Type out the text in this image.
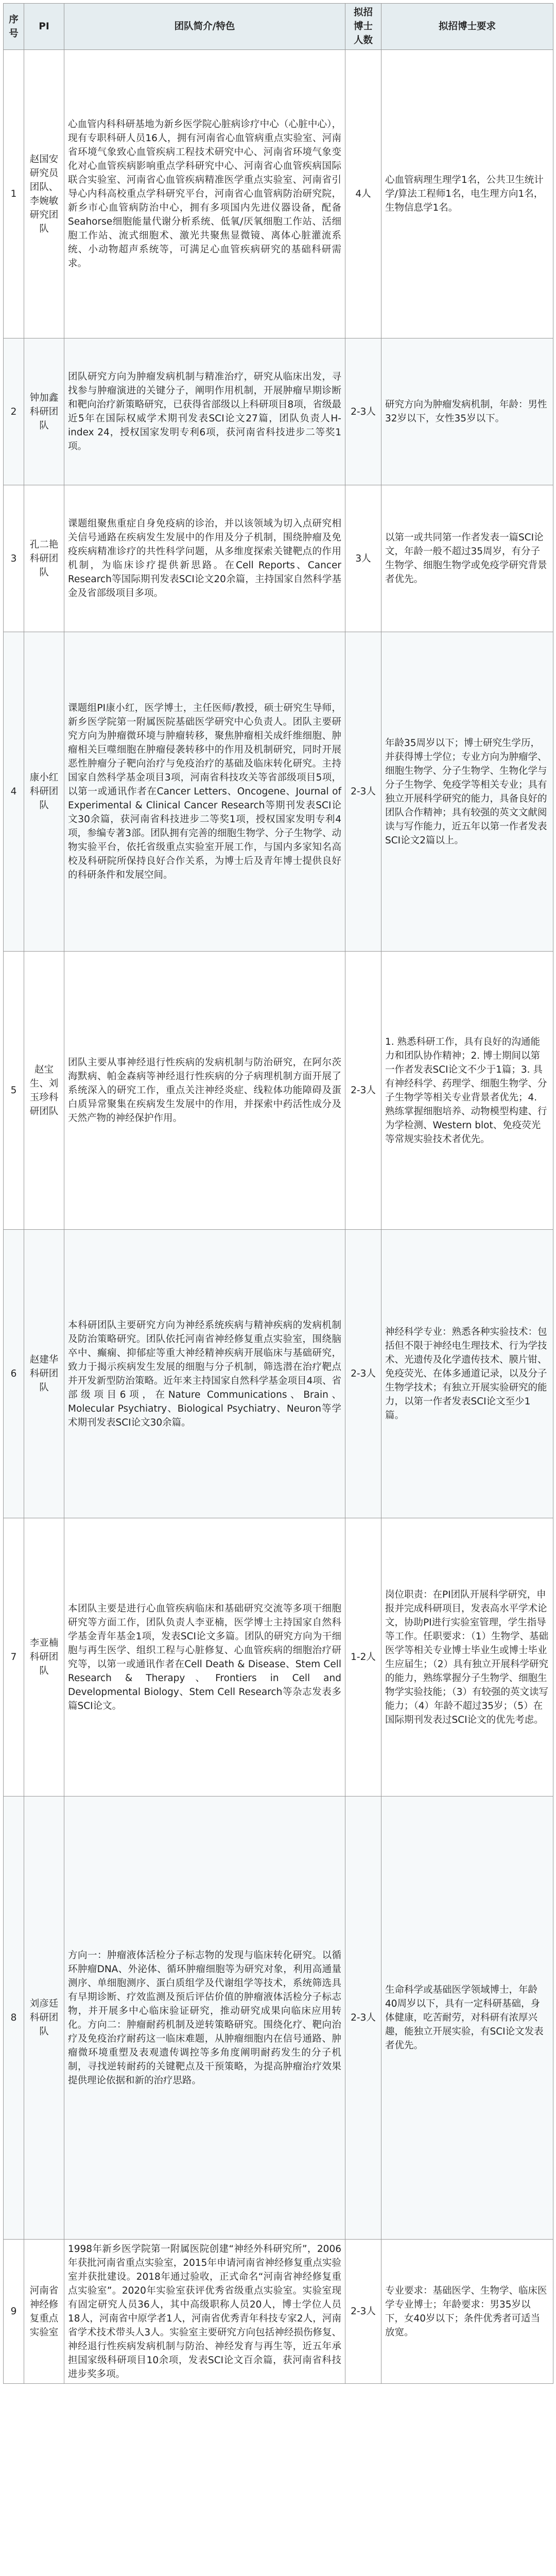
序号	PI	团队简介/特色	拟招博士人数	拟招博士要求
1	赵国安研究员团队、李婉敏研究团队	心血管内科科研基地为新乡医学院心脏病诊疗中心（心脏中心），现有专职科研人员16人，拥有河南省心血管病重点实验室、河南省环境气象致心血管疾病工程技术研究中心、河南省环境气象变化对心血管疾病影响重点学科研究中心、河南省心血管疾病国际联合实验室、河南省心血管疾病精准医学重点实验室、河南省引导心内科高校重点学科研究平台，河南省心血管病防治研究院，新乡市心血管病防治中心，拥有多项国内先进仪器设备，配备Seahorse细胞能量代谢分析系统、低氧/厌氧细胞工作站、活细胞工作站、流式细胞术、激光共聚焦显微镜、离体心脏灌流系统、小动物超声系统等，可满足心血管疾病研究的基础科研需求。	4人	心血管病理生理学1名，公共卫生统计学/算法工程师1名，电生理方向1名，生物信息学1名。
2	钟加鑫科研团队	团队研究方向为肿瘤发病机制与精准治疗，研究从临床出发，寻找参与肿瘤演进的关键分子，阐明作用机制，开展肿瘤早期诊断和靶向治疗新策略研究，已获得省部级以上科研项目8项，省级最近5年在国际权威学术期刊发表SCI论文27篇，团队负责人H-index 24，授权国家发明专利6项，获河南省科技进步二等奖1项。	2-3人	研究方向为肿瘤发病机制，年龄：男性32岁以下，女性35岁以下。
3	孔二艳科研团队	课题组聚焦重症自身免疫病的诊治，并以该领域为切入点研究相关信号通路在疾病发生发展中的作用及分子机制，围绕肿瘤及免疫疾病精准诊疗的共性科学问题，从多维度探索关键靶点的作用机制，为临床诊疗提供新思路。在Cell Reports、Cancer Research等国际期刊发表SCI论文20余篇，主持国家自然科学基金及省部级项目多项。	3人	以第一或共同第一作者发表一篇SCI论文，年龄一般不超过35周岁，有分子生物学、细胞生物学或免疫学研究背景者优先。
4	康小红科研团队	课题组PI康小红，医学博士，主任医师/教授，硕士研究生导师，新乡医学院第一附属医院基础医学研究中心负责人。团队主要研究方向为肿瘤微环境与肿瘤转移，聚焦肿瘤相关成纤维细胞、肿瘤相关巨噬细胞在肿瘤侵袭转移中的作用及机制研究，同时开展恶性肿瘤分子靶向治疗与免疫治疗的基础及临床转化研究。主持国家自然科学基金项目3项，河南省科技攻关等省部级项目5项，以第一或通讯作者在Cancer Letters、Oncogene、Journal of Experimental & Clinical Cancer Research等期刊发表SCI论文30余篇，获河南省科技进步二等奖1项，授权国家发明专利4项，参编专著3部。团队拥有完善的细胞生物学、分子生物学、动物实验平台，依托省级重点实验室开展工作，与国内多家知名高校及科研院所保持良好合作关系，为博士后及青年博士提供良好的科研条件和发展空间。	2-3人	年龄35周岁以下；博士研究生学历，并获得博士学位；专业方向为肿瘤学、细胞生物学、分子生物学、生物化学与分子生物学、免疫学等相关专业；具有独立开展科学研究的能力，具备良好的团队合作精神；具有较强的英文文献阅读与写作能力，近五年以第一作者发表SCI论文2篇以上。
5	赵宝生、刘玉珍科研团队	团队主要从事神经退行性疾病的发病机制与防治研究，在阿尔茨海默病、帕金森病等神经退行性疾病的分子病理机制方面开展了系统深入的研究工作，重点关注神经炎症、线粒体功能障碍及蛋白质异常聚集在疾病发生发展中的作用，并探索中药活性成分及天然产物的神经保护作用。	2-3人	1. 熟悉科研工作，具有良好的沟通能力和团队协作精神；2. 博士期间以第一作者发表SCI论文不少于1篇；3. 具有神经科学、药理学、细胞生物学、分子生物学等相关专业背景者优先；4. 熟练掌握细胞培养、动物模型构建、行为学检测、Western blot、免疫荧光等常规实验技术者优先。
6	赵建华科研团队	本科研团队主要研究方向为神经系统疾病与精神疾病的发病机制及防治策略研究。团队依托河南省神经修复重点实验室，围绕脑卒中、癫痫、抑郁症等重大神经精神疾病开展临床与基础研究，致力于揭示疾病发生发展的细胞与分子机制，筛选潜在治疗靶点并开发新型防治策略。近年来主持国家自然科学基金项目4项、省部级项目6项，在Nature Communications、Brain、Molecular Psychiatry、Biological Psychiatry、Neuron等学术期刊发表SCI论文30余篇。	2-3人	神经科学专业：熟悉各种实验技术：包括但不限于神经电生理技术、行为学技术、光遗传及化学遗传技术、膜片钳、免疫荧光、在体多通道记录，以及分子生物学技术；有独立开展实验研究的能力，以第一作者发表SCI论文至少1篇。
7	李亚楠科研团队	本团队主要是进行心血管疾病临床和基础研究交流等多项干细胞研究等方面工作，团队负责人李亚楠，医学博士主持国家自然科学基金青年基金1项，发表SCI论文多篇。团队的研究方向为干细胞与再生医学、组织工程与心脏修复、心血管疾病的细胞治疗研究等，以第一或通讯作者在Cell Death & Disease、Stem Cell Research & Therapy、Frontiers in Cell and Developmental Biology、Stem Cell Research等杂志发表多篇SCI论文。	1-2人	岗位职责：在PI团队开展科学研究，申报并完成科研项目，发表高水平学术论文，协助PI进行实验室管理，学生指导等工作。任职要求：（1）生物学、基础医学等相关专业博士毕业生或博士毕业生应届生；（2）具有独立开展科学研究的能力，熟练掌握分子生物学、细胞生物学实验技能；（3）有较强的英文读写能力；（4）年龄不超过35岁；（5）在国际期刊发表过SCI论文的优先考虑。
8	刘彦廷科研团队	方向一：肿瘤液体活检分子标志物的发现与临床转化研究。以循环肿瘤DNA、外泌体、循环肿瘤细胞等为研究对象，利用高通量测序、单细胞测序、蛋白质组学及代谢组学等技术，系统筛选具有早期诊断、疗效监测及预后评估价值的肿瘤液体活检分子标志物，并开展多中心临床验证研究，推动研究成果向临床应用转化。方向二：肿瘤耐药机制及逆转策略研究。围绕化疗、靶向治疗及免疫治疗耐药这一临床难题，从肿瘤细胞内在信号通路、肿瘤微环境重塑及表观遗传调控等多角度阐明耐药发生的分子机制，寻找逆转耐药的关键靶点及干预策略，为提高肿瘤治疗效果提供理论依据和新的治疗思路。	2-3人	生命科学或基础医学领域博士，年龄40周岁以下，具有一定科研基础，身体健康，吃苦耐劳，对科研有浓厚兴趣，能独立开展实验，有SCI论文发表者优先。
9	河南省神经修复重点实验室	1998年新乡医学院第一附属医院创建“神经外科研究所”，2006年获批河南省重点实验室，2015年申请河南省神经修复重点实验室并获批建设。2018年通过验收，正式命名“河南省神经修复重点实验室”。2020年实验室获评优秀省级重点实验室。实验室现有固定研究人员36人，其中高级职称人员20人，博士学位人员18人，河南省中原学者1人，河南省优秀青年科技专家2人，河南省学术技术带头人3人。实验室主要研究方向包括神经损伤修复、神经退行性疾病发病机制与防治、神经发育与再生等，近五年承担国家级科研项目10余项，发表SCI论文百余篇，获河南省科技进步奖多项。	2-3人	专业要求：基础医学、生物学、临床医学专业博士；年龄要求：男35岁以下，女40岁以下；条件优秀者可适当放宽。
